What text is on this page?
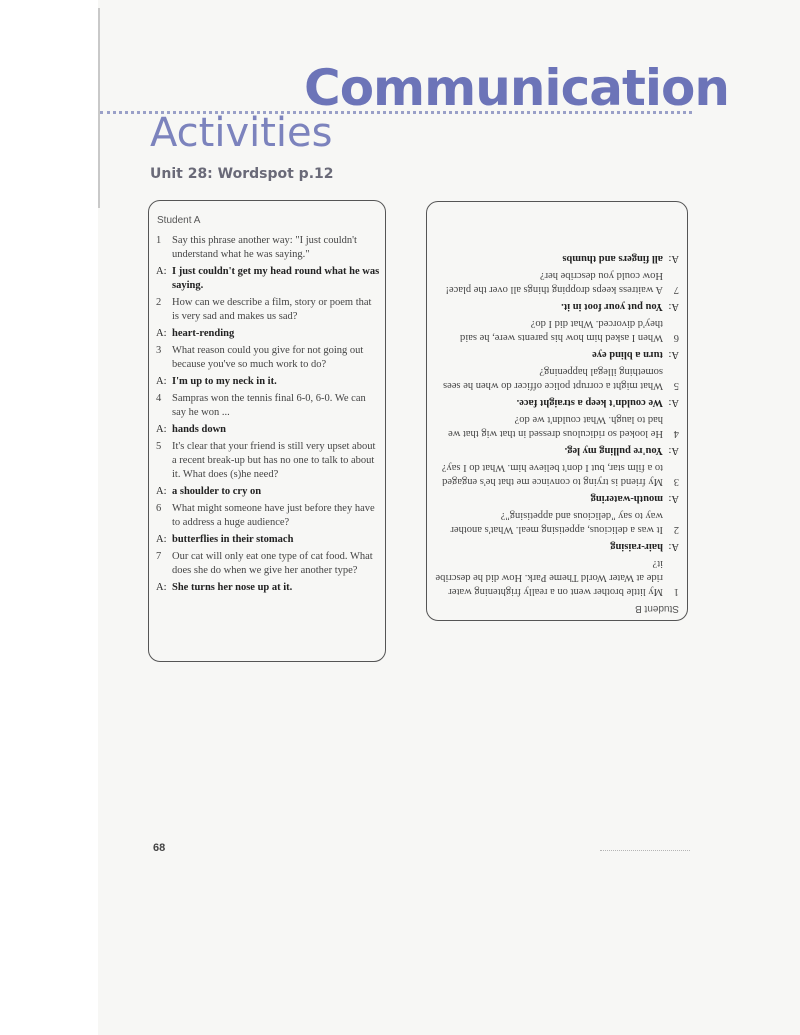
Communication
Activities
Unit 28: Wordspot p.12
Student A
1	Say this phrase another way: "I just couldn't understand what he was saying."
A: I just couldn't get my head round what he was saying.
2	How can we describe a film, story or poem that is very sad and makes us sad?
A: heart-rending
3	What reason could you give for not going out because you've so much work to do?
A: I'm up to my neck in it.
4	Sampras won the tennis final 6-0, 6-0. We can say he won ...
A: hands down
5	It's clear that your friend is still very upset about a recent break-up but has no one to talk to about it. What does (s)he need?
A: a shoulder to cry on
6	What might someone have just before they have to address a huge audience?
A: butterflies in their stomach
7	Our cat will only eat one type of cat food. What does she do when we give her another type?
A: She turns her nose up at it.
Student B
1
My little brother went on a really frightening water ride at Water World Theme Park. How did he describe it?
A:
hair-raising
2
It was a delicious, appetising meal. What's another way to say "delicious and appetising"?
A:
mouth-watering
3
My friend is trying to convince me that he's engaged to a film star, but I don't believe him. What do I say?
A:
You're pulling my leg.
4
He looked so ridiculous dressed in that wig that we had to laugh. What couldn't we do?
A:
We couldn't keep a straight face.
5
What might a corrupt police officer do when he sees something illegal happening?
A:
turn a blind eye
6
When I asked him how his parents were, he said they'd divorced. What did I do?
A:
You put your foot in it.
7
A waitress keeps dropping things all over the place! How could you describe her?
A:
all fingers and thumbs
68
